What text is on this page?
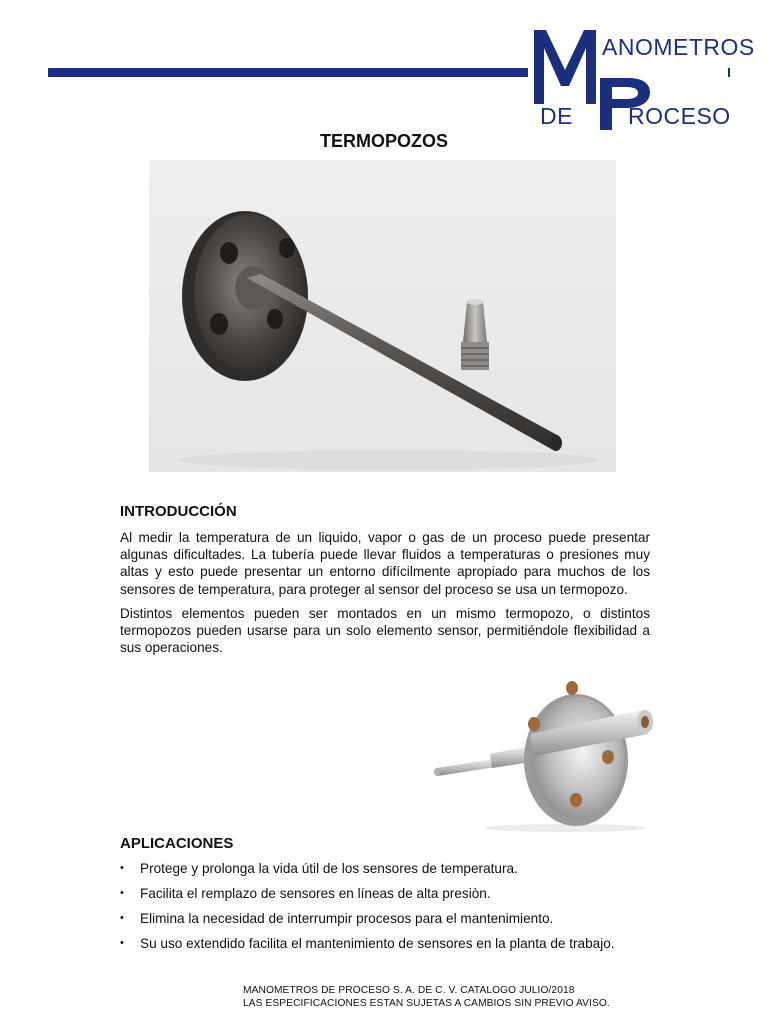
ANOMETROS
DE ROCESO
TERMOPOZOS
INTRODUCCIÓN

Al medir la temperatura de un liquido, vapor o gas de un proceso puede presentar algunas dificultades. La tubería puede llevar fluidos a temperaturas o presiones muy altas y esto puede presentar un entorno difícilmente apropiado para muchos de los sensores de temperatura, para proteger al sensor del proceso se usa un termopozo.

Distintos elementos pueden ser montados en un mismo termopozo, o distintos termopozos pueden usarse para un solo elemento sensor, permitiéndole flexibilidad a sus operaciones.

APLICACIONES
• Protege y prolonga la vida útil de los sensores de temperatura.
• Facilita el remplazo de sensores en líneas de alta presiòn.
• Elimina la necesidad de interrumpir procesos para el mantenimiento.
• Su uso extendido facilita el mantenimiento de sensores en la planta de trabajo.
MANOMETROS DE PROCESO S. A. DE C. V. CATALOGO JULIO/2018
LAS ESPECIFICACIONES ESTAN SUJETAS A CAMBIOS SIN PREVIO AVISO.
